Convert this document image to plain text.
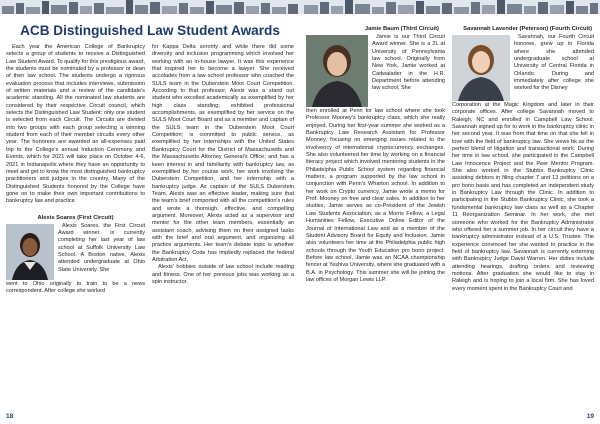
ACB Distinguished Law Student Awards

Each year the American College of Bankruptcy selects a group of students to receive a Distinguished Law Student Award. To qualify for this prestigious award, the students must be nominated by a professor or dean of their law school. The students undergo a rigorous evaluation process that includes interviews, submission of written materials and a review of the candidate's academic standing. All the nominated law students are considered by their respective Circuit council, which selects the Distinguished Law Student; only one student is selected from each Circuit. The Circuits are divided into two groups with each group selecting a winning student from each of their member circuits every other year. The honorees are awarded an all-expenses paid trip to the College's annual Induction Ceremony and Events, which for 2021 will take place on October 4-6, 2021 in Indianapolis where they have an opportunity to meet and get to know the most distinguished bankruptcy practitioners and judges in the country. Many of the Distinguished Students honored by the College have gone on to make their own important contributions to bankruptcy law and practice.

Alexis Soares (First Circuit)

Alexis Soares, the First Circuit Award winner, is currently completing her last year of law school at Suffolk University Law School. A Boston native, Alexis attended undergraduate at Ohio State University. She

went to Ohio originally to train to be a news correspondent. After college she worked

for Kappa Delta sorority and while there did some diversity and inclusion programming which involved her working with an in-house lawyer. It was this experience that inspired her to become a lawyer. She received accolades from a law school professor who coached the SULS team in the Duberstein Moot Court Competition. According to that professor, Alexis was a stand out student who excelled academically as exemplified by her high class standing; exhibited professional accomplishments, as exemplified by her service on the SULS Moot Court Board and as a member and captain of the SULS team in the Duberstein Moot Court Competition; is committed to public service, as exemplified by her internships with the United States Bankruptcy Court for the District of Massachusetts and the Massachusetts Attorney General's Office; and has a keen interest in and familiarity with bankruptcy law, as exemplified by her course work, her work involving the Duberstein Competition, and her internship with a bankruptcy judge. As captain of the SULS Duberstein Team, Alexis was an effective leader, making sure that the team's brief comported with all the competition's rules and wrote a thorough, effective, and compelling argument. Moreover, Alexis acted as a supervisor and mentor for the other team members, essentially an assistant coach, advising them on their assigned tasks with the brief and oral argument, and organizing all practice arguments. Her team's debate topic is whether the Bankruptcy Code has impliedly replaced the federal Arbitration Act.

Alexis' hobbies outside of law school include reading and fitness. One of her previous jobs was working as a spin instructor.

18
Jamie Baum (Third Circuit)

Jamie is our Third Circuit Award winner. She is a 2L at University of Pennsylvania law school. Originally from New York, Jamie worked at Cadwalader in the H.R. Department before attending law school. She

then enrolled at Penn for law school where she took Professor Mooney's bankruptcy class, which she really enjoyed. During her first-year summer she worked as a Bankruptcy Law Research Assistant for Professor Mooney, focusing on emerging issues related to the involvency of international cryptocurrency exchanges. She also volunteered her time by working on a financial literacy project which involved mentoring students in the Philadelphia Public School system regarding financial matters, a program supported by the law school in conjunction with Penn's Wharton school. In addition to her work on Crypto currency, Jamie wrote a memo for Prof. Mooney on free and clear sales. In addition to her studies, Jamie serves as co-President of the Jewish Law Students Association, as a Morris Fellow, a Legal Humanities Fellow, Executive Online Editor of the Journal of International Law and as a member of the Student Advisory Board for Equity and Inclusion. Jamie also volunteers her time at the Philadelphia public high schools through the Youth Education pro bono project. Before law school, Jamie was an NCAA championship fencer at Yeshiva University, where she graduated with a B.A. in Psychology. This summer she will be joining the law offices of Morgan Lewis LLP.

Savannah Lavender (Peterson) (Fourth Circuit)

Savannah, our Fourth Circuit honoree, grew up in Florida where she attended undergraduate school at University of Central Florida in Orlando. During and immediately after college she worked for the Disney

Corporation at the Magic Kingdom and later in their corporate offices. After college Savannah moved to Raleigh, NC and enrolled in Campbell Law School. Savannah signed up for to work in the bankruptcy clinic in her second year. It was from that time on that she fell in love with the field of bankruptcy law. She views bk as the perfect blend of litigation and transactional work. During her time in law school, she participated in the Campbell Law Innocence Project and the Peer Mentor Program. She also worked in the Stubbs Bankruptcy Clinic assisting debtors in filing chapter 7 and 13 petitions on a pro bono basis and has completed an independent study in Bankruptcy Law through the Clinic. In addition to participating in the Stubbs Bankruptcy Clinic, she took a fundamental bankruptcy law class as well as a Chapter 11 Reorganization Seminar. In her work, she met someone who worked for the Bankruptcy Administrator who offered her a summer job. In her circuit they have a bankruptcy administrator instead of a U.S. Trustee. The experience convinced her she wanted to practice in the field of bankruptcy law. Savannah is currently externing with Bankruptcy Judge David Warren. Her duties include attending hearings, drafting orders and reviewing motions. After graduation she would like to stay in Raleigh and is hoping to join a local firm. She has loved every moment spent in the Bankruptcy Court and

19
